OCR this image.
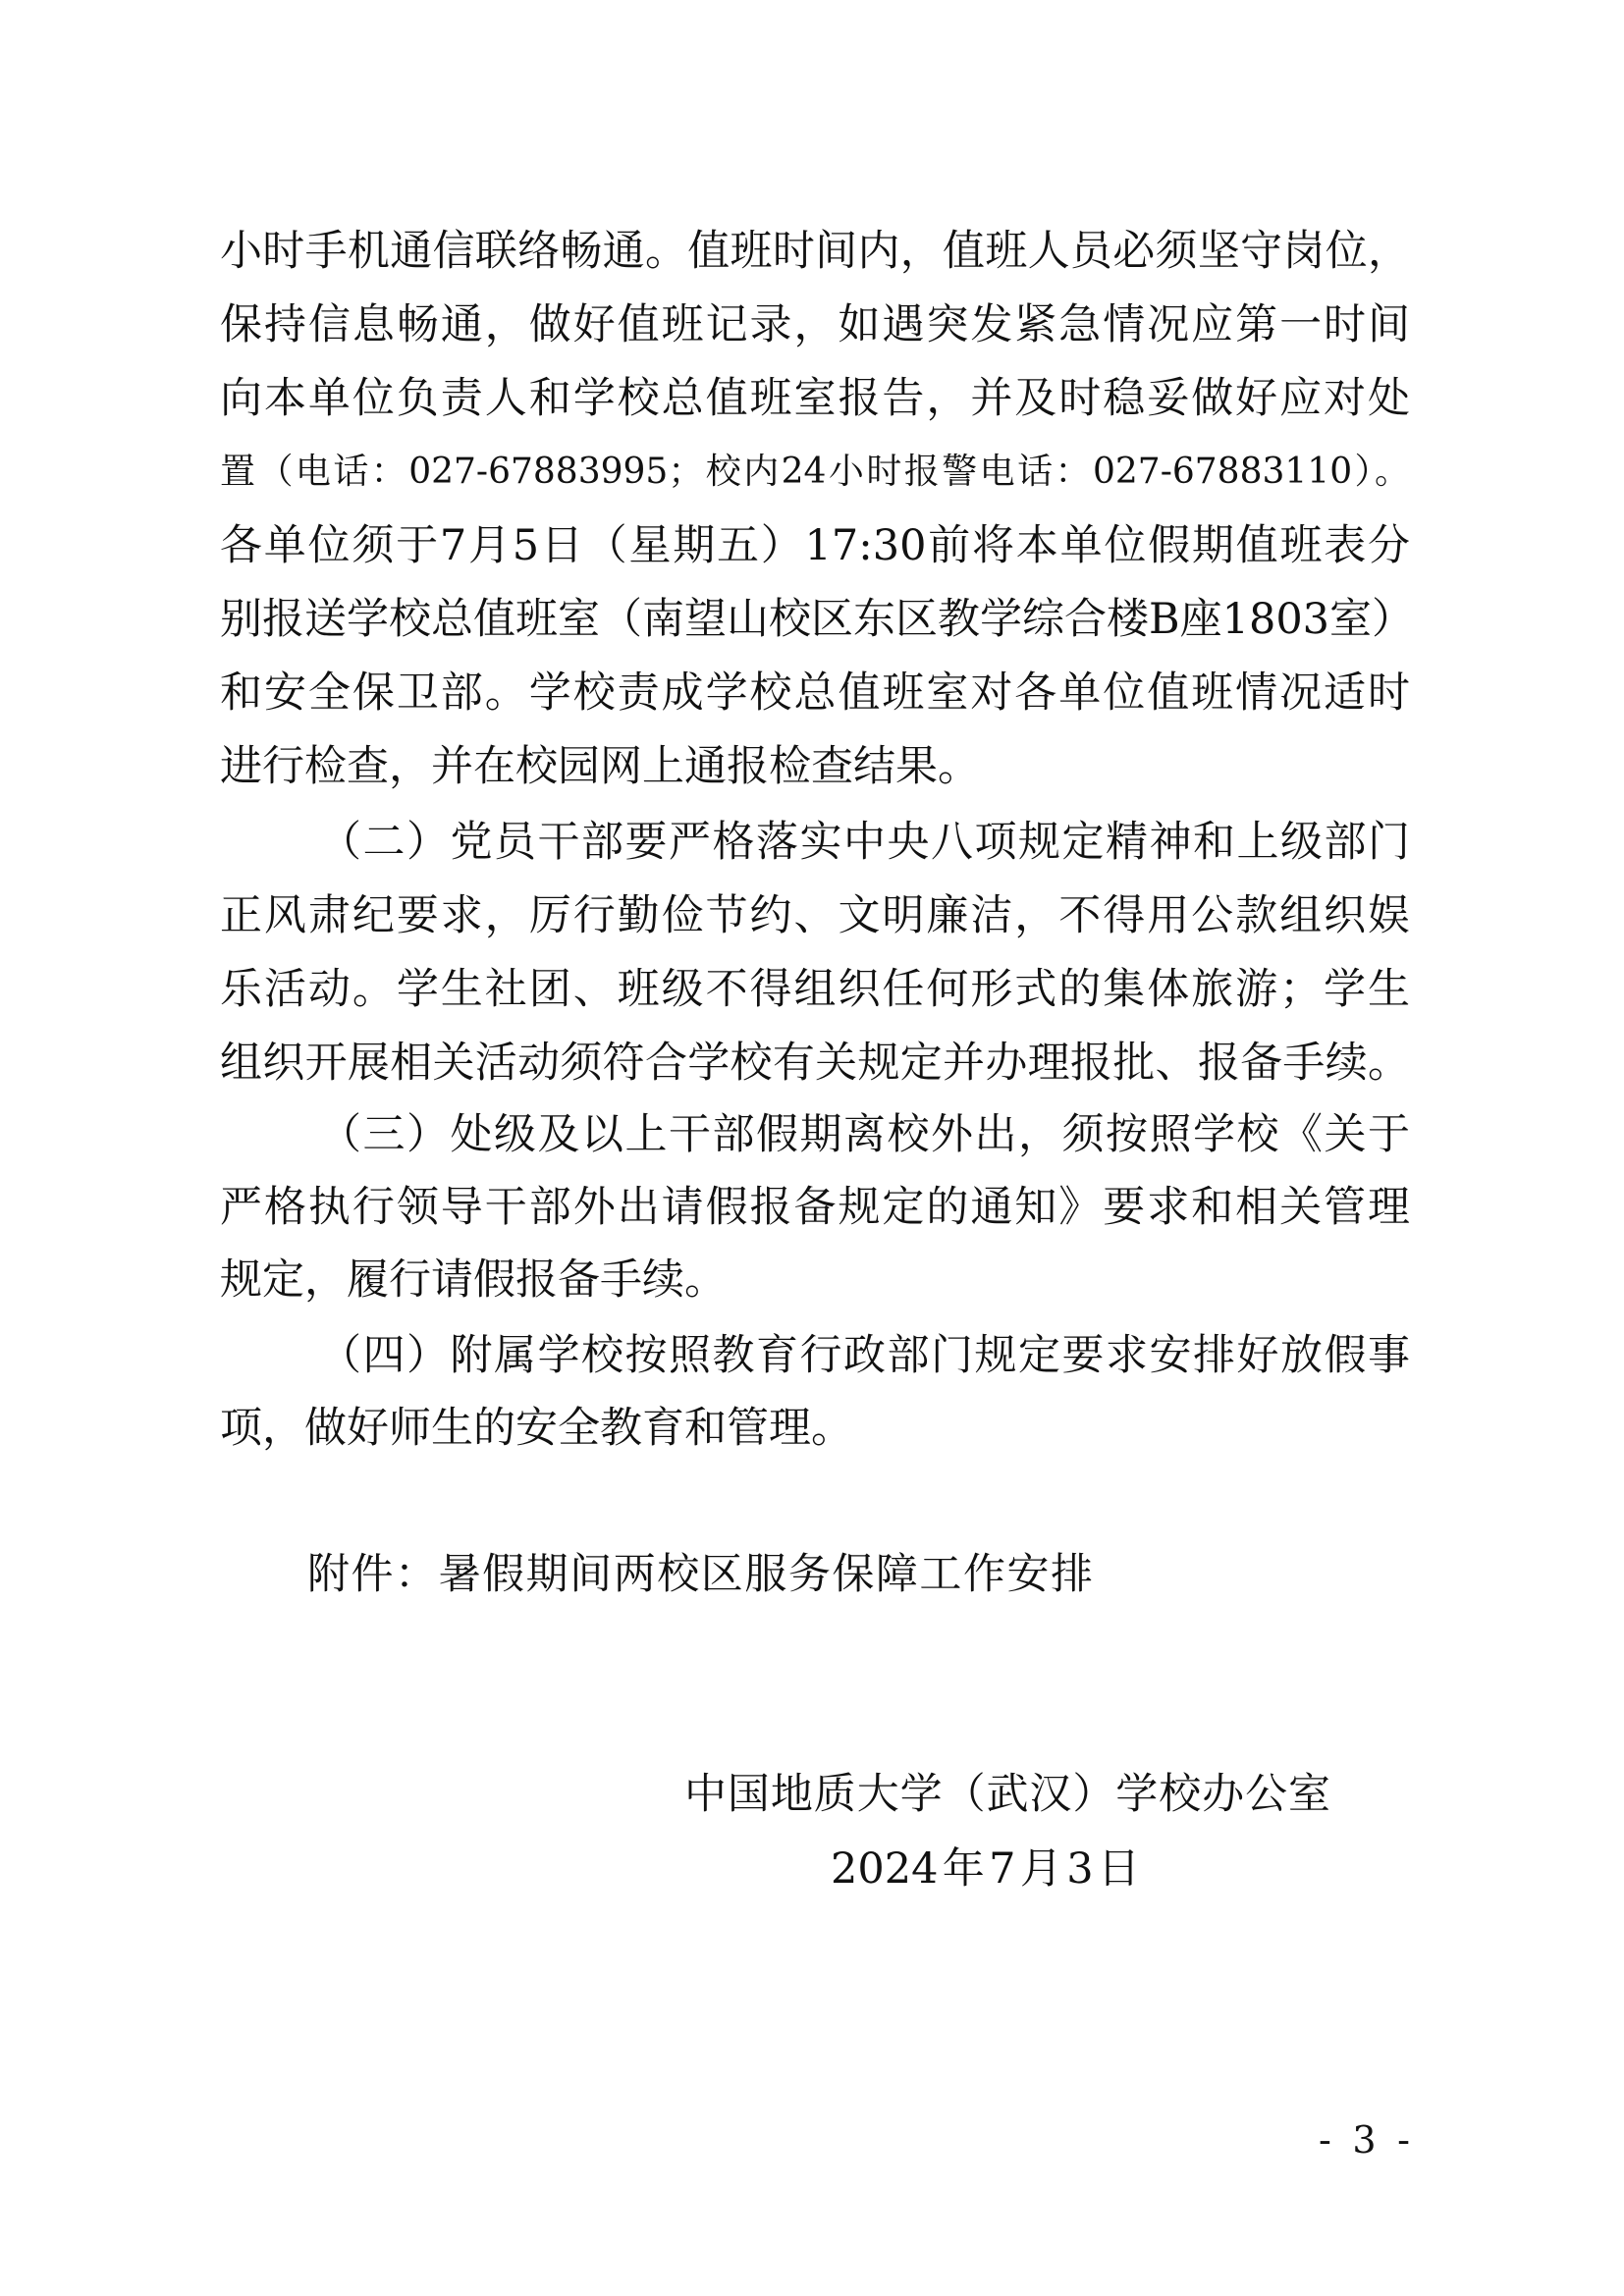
小时手机通信联络畅通。值班时间内，值班人员必须坚守岗位，
保持信息畅通，做好值班记录，如遇突发紧急情况应第一时间
向本单位负责人和学校总值班室报告，并及时稳妥做好应对处
置（电话：027-67883995；校内24小时报警电话：027-67883110）。
各单位须于7月5日（星期五）17:30前将本单位假期值班表分
别报送学校总值班室（南望山校区东区教学综合楼B座1803室）
和安全保卫部。学校责成学校总值班室对各单位值班情况适时
进行检查，并在校园网上通报检查结果。
（二）党员干部要严格落实中央八项规定精神和上级部门
正风肃纪要求，厉行勤俭节约、文明廉洁，不得用公款组织娱
乐活动。学生社团、班级不得组织任何形式的集体旅游；学生
组织开展相关活动须符合学校有关规定并办理报批、报备手续。
（三）处级及以上干部假期离校外出，须按照学校《关于
严格执行领导干部外出请假报备规定的通知》要求和相关管理
规定，履行请假报备手续。
（四）附属学校按照教育行政部门规定要求安排好放假事
项，做好师生的安全教育和管理。
附件：暑假期间两校区服务保障工作安排
中国地质大学（武汉）学校办公室
2024年7月3日
- 3 -
